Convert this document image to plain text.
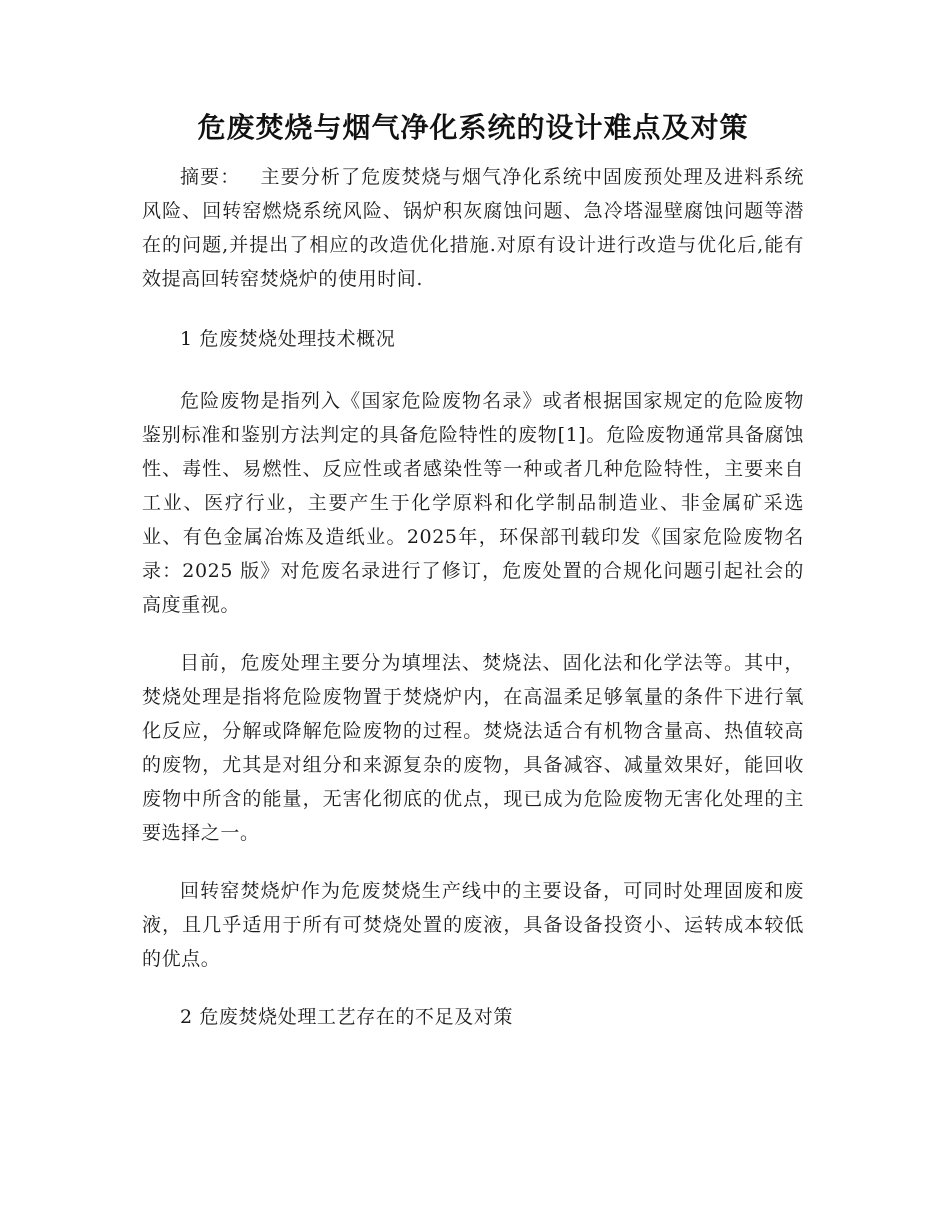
危废焚烧与烟气净化系统的设计难点及对策

摘要： 主要分析了危废焚烧与烟气净化系统中固废预处理及进料系统风险、回转窑燃烧系统风险、锅炉积灰腐蚀问题、急冷塔湿壁腐蚀问题等潜在的问题,并提出了相应的改造优化措施.对原有设计进行改造与优化后,能有效提高回转窑焚烧炉的使用时间.

1 危废焚烧处理技术概况

危险废物是指列入《国家危险废物名录》或者根据国家规定的危险废物鉴别标准和鉴别方法判定的具备危险特性的废物[1]。危险废物通常具备腐蚀性、毒性、易燃性、反应性或者感染性等一种或者几种危险特性，主要来自工业、医疗行业，主要产生于化学原料和化学制品制造业、非金属矿采选业、有色金属冶炼及造纸业。2025年，环保部刊载印发《国家危险废物名录：2025 版》对危废名录进行了修订，危废处置的合规化问题引起社会的高度重视。

目前，危废处理主要分为填埋法、焚烧法、固化法和化学法等。其中，焚烧处理是指将危险废物置于焚烧炉内，在高温柔足够氧量的条件下进行氧化反应，分解或降解危险废物的过程。焚烧法适合有机物含量高、热值较高的废物，尤其是对组分和来源复杂的废物，具备减容、减量效果好，能回收废物中所含的能量，无害化彻底的优点，现已成为危险废物无害化处理的主要选择之一。

回转窑焚烧炉作为危废焚烧生产线中的主要设备，可同时处理固废和废液，且几乎适用于所有可焚烧处置的废液，具备设备投资小、运转成本较低的优点。

2 危废焚烧处理工艺存在的不足及对策
